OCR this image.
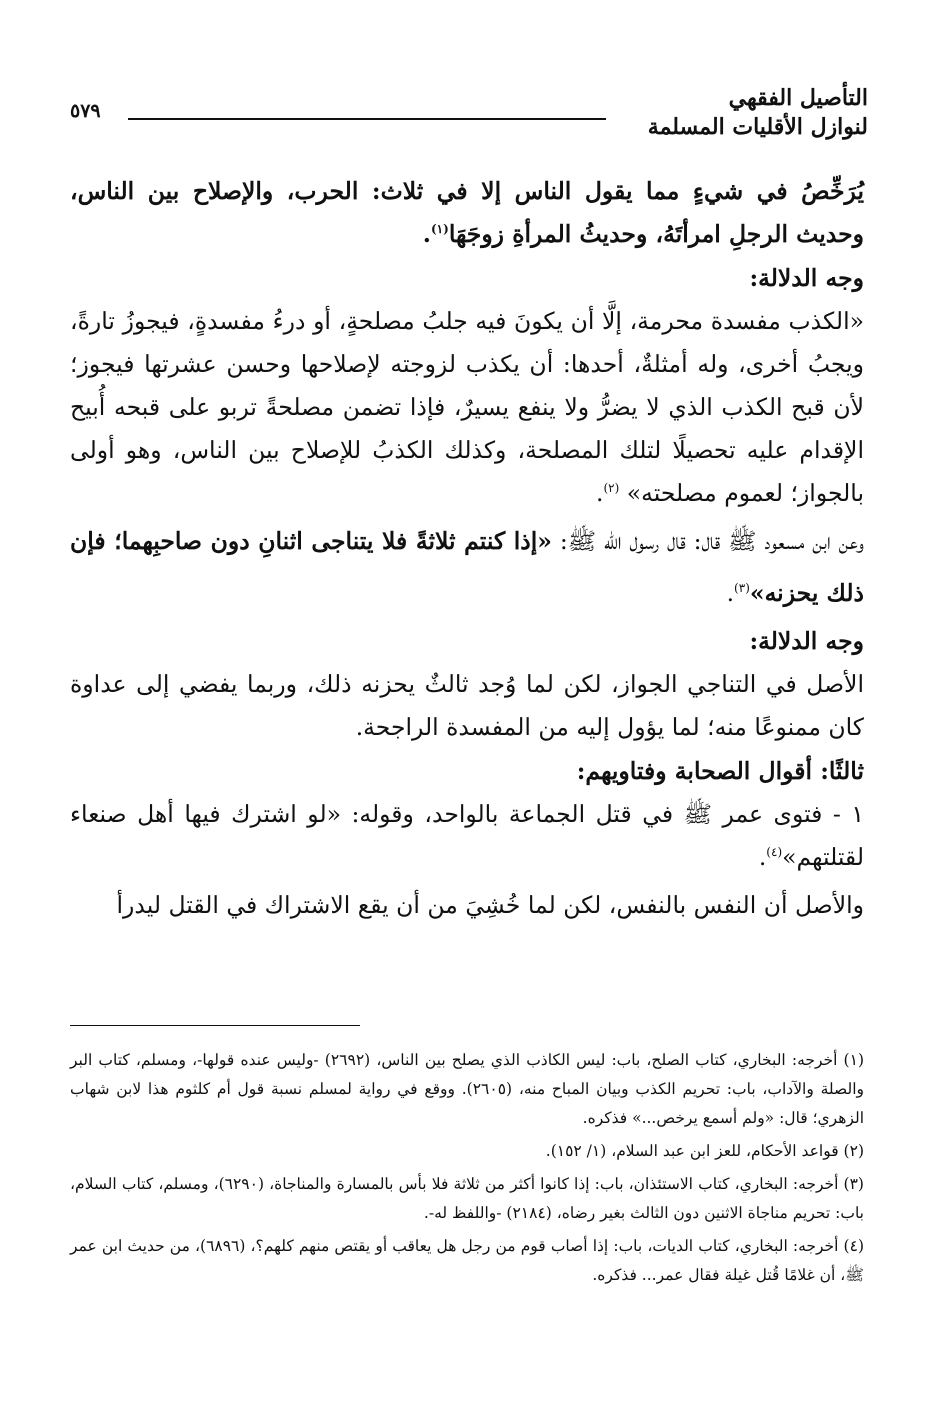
التأصيل الفقهي
لنوازل الأقليات المسلمة
٥٧٩

يُرَخِّصُ في شيءٍ مما يقول الناس إلا في ثلاث: الحرب، والإصلاح بين الناس، وحديث الرجلِ امرأتَهُ، وحديثُ المرأةِ زوجَهَا$^{(١)}$.

وجه الدلالة:

«الكذب مفسدة محرمة، إلَّا أن يكونَ فيه جلبُ مصلحةٍ، أو درءُ مفسدةٍ، فيجوزُ تارةً، ويجبُ أخرى، وله أمثلةٌ، أحدها: أن يكذب لزوجته لإصلاحها وحسن عشرتها فيجوز؛ لأن قبح الكذب الذي لا يضرُّ ولا ينفع يسيرٌ، فإذا تضمن مصلحةً تربو على قبحه أُبيح الإقدام عليه تحصيلًا لتلك المصلحة، وكذلك الكذبُ للإصلاح بين الناس، وهو أولى بالجواز؛ لعموم مصلحته» $^{(٢)}$.

وعن ابن مسعود ﷺ قال: قال رسول الله ﷺ: «إذا كنتم ثلاثةً فلا يتناجى اثنانِ دون صاحبِهما؛ فإن ذلك يحزنه»$^{(٣)}$.

وجه الدلالة:

الأصل في التناجي الجواز، لكن لما وُجد ثالثٌ يحزنه ذلك، وربما يفضي إلى عداوة كان ممنوعًا منه؛ لما يؤول إليه من المفسدة الراجحة.

ثالثًا: أقوال الصحابة وفتاويهم:

١ - فتوى عمر ﷺ في قتل الجماعة بالواحد، وقوله: «لو اشترك فيها أهل صنعاء لقتلتهم»$^{(٤)}$.

والأصل أن النفس بالنفس، لكن لما خُشِيَ من أن يقع الاشتراك في القتل ليدرأ

(١) أخرجه: البخاري، كتاب الصلح، باب: ليس الكاذب الذي يصلح بين الناس، (٢٦٩٢) -وليس عنده قولها-، ومسلم، كتاب البر والصلة والآداب، باب: تحريم الكذب وبيان المباح منه، (٢٦٠٥). ووقع في رواية لمسلم نسبة قول أم كلثوم هذا لابن شهاب الزهري؛ قال: «ولم أسمع يرخص...» فذكره.

(٢) قواعد الأحكام، للعز ابن عبد السلام، (١/ ١٥٢).

(٣) أخرجه: البخاري، كتاب الاستئذان، باب: إذا كانوا أكثر من ثلاثة فلا بأس بالمسارة والمناجاة، (٦٢٩٠)، ومسلم، كتاب السلام، باب: تحريم مناجاة الاثنين دون الثالث بغير رضاه، (٢١٨٤) -واللفظ له-.

(٤) أخرجه: البخاري، كتاب الديات، باب: إذا أصاب قوم من رجل هل يعاقب أو يقتص منهم كلهم؟، (٦٨٩٦)، من حديث ابن عمر ﷺ، أن غلامًا قُتل غيلة فقال عمر... فذكره.
